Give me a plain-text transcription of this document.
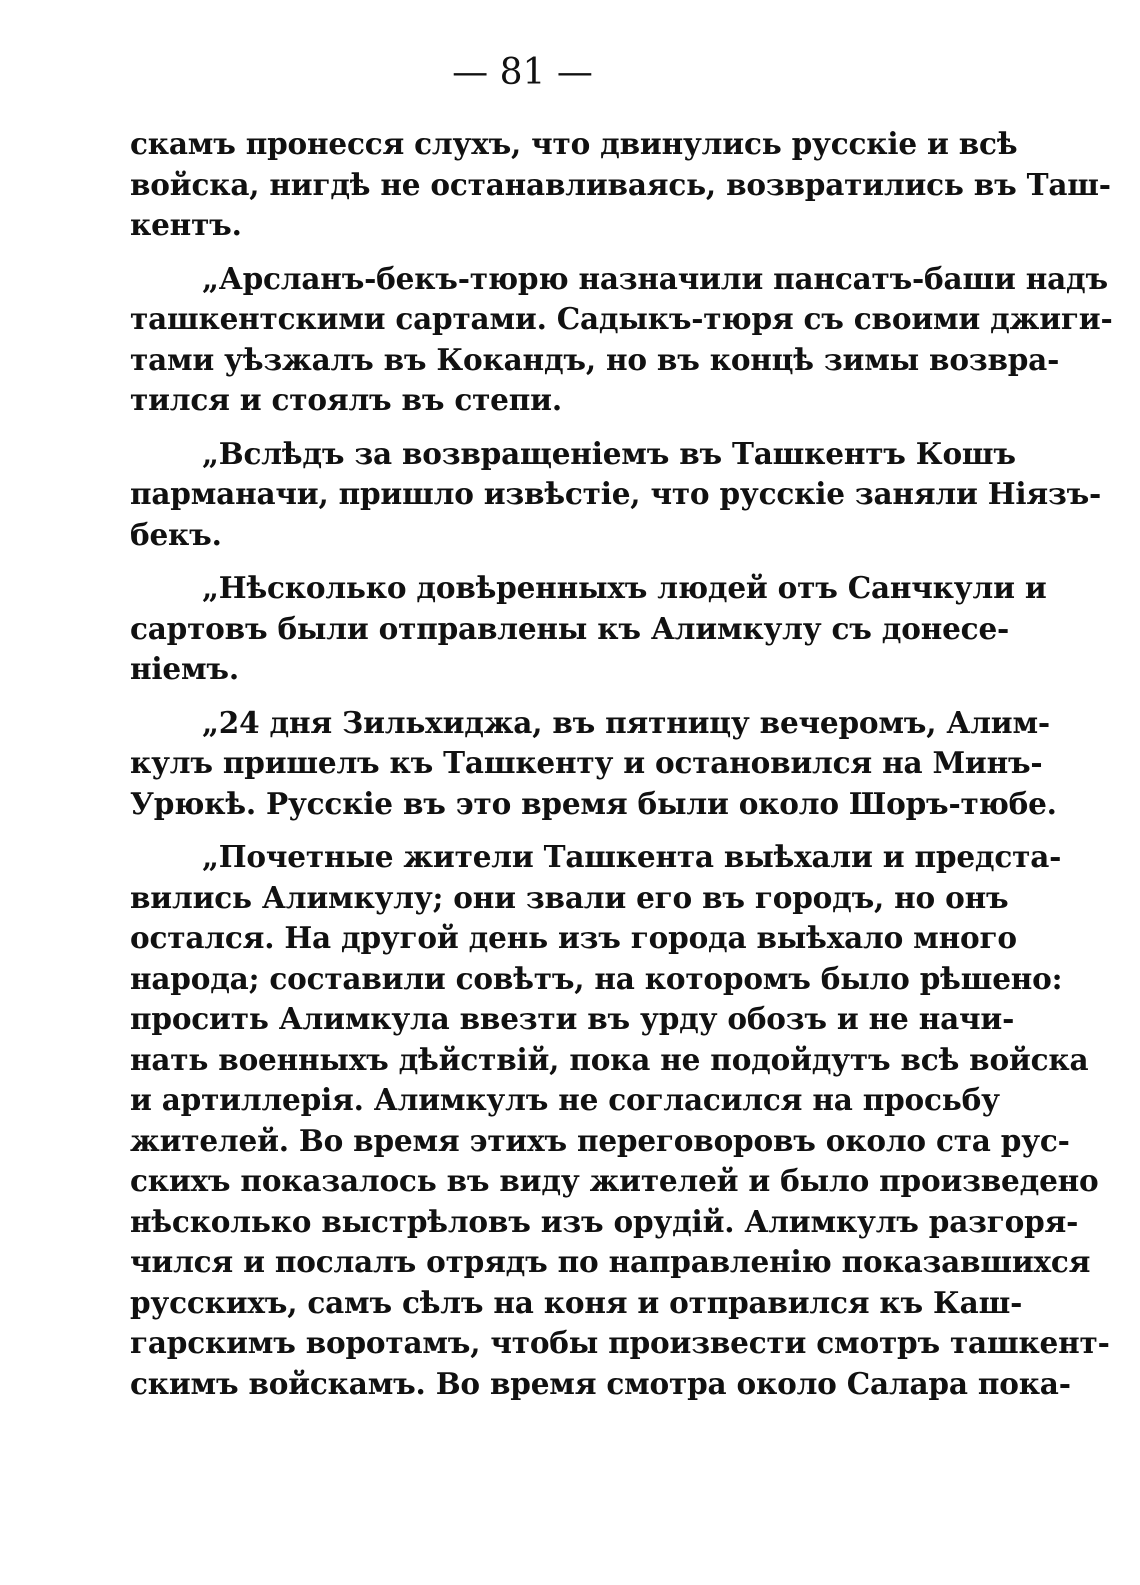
— 81 —
скамъ пронесся слухъ, что двинулись русскіе и всѣ
войска, нигдѣ не останавливаясь, возвратились въ Таш-
кентъ.
„Арсланъ-бекъ-тюрю назначили пансатъ-баши надъ
ташкентскими сартами. Садыкъ-тюря съ своими джиги-
тами уѣзжалъ въ Кокандъ, но въ концѣ зимы возвра-
тился и стоялъ въ степи.
„Вслѣдъ за возвращеніемъ въ Ташкентъ Кошъ
парманачи, пришло извѣстіе, что русскіе заняли Ніязъ-
бекъ.
„Нѣсколько довѣренныхъ людей отъ Санчкули и
сартовъ были отправлены къ Алимкулу съ донесе-
ніемъ.
„24 дня Зильхиджа, въ пятницу вечеромъ, Алим-
кулъ пришелъ къ Ташкенту и остановился на Минъ-
Урюкѣ. Русскіе въ это время были около Шоръ-тюбе.
„Почетные жители Ташкента выѣхали и предста-
вились Алимкулу; они звали его въ городъ, но онъ
остался. На другой день изъ города выѣхало много
народа; составили совѣтъ, на которомъ было рѣшено:
просить Алимкула ввезти въ урду обозъ и не начи-
нать военныхъ дѣйствій, пока не подойдутъ всѣ войска
и артиллерія. Алимкулъ не согласился на просьбу
жителей. Во время этихъ переговоровъ около ста рус-
скихъ показалось въ виду жителей и было произведено
нѣсколько выстрѣловъ изъ орудій. Алимкулъ разгоря-
чился и послалъ отрядъ по направленію показавшихся
русскихъ, самъ сѣлъ на коня и отправился къ Каш-
гарскимъ воротамъ, чтобы произвести смотръ ташкент-
скимъ войскамъ. Во время смотра около Салара пока-
